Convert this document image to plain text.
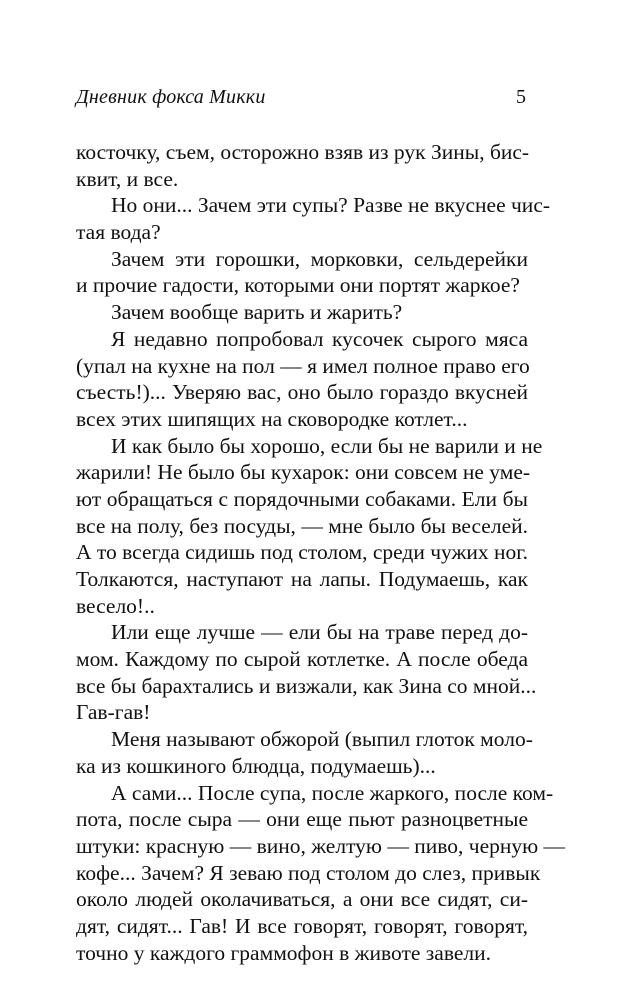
Дневник фокса Микки	5
косточку, съем, осторожно взяв из рук Зины, бис-
квит, и все.
Но они... Зачем эти супы? Разве не вкуснее чис-
тая вода?
Зачем эти горошки, морковки, сельдерейки
и прочие гадости, которыми они портят жаркое?
Зачем вообще варить и жарить?
Я недавно попробовал кусочек сырого мяса
(упал на кухне на пол — я имел полное право его
съесть!)... Уверяю вас, оно было гораздо вкусней
всех этих шипящих на сковородке котлет...
И как было бы хорошо, если бы не варили и не
жарили! Не было бы кухарок: они совсем не уме-
ют обращаться с порядочными собаками. Ели бы
все на полу, без посуды, — мне было бы веселей.
А то всегда сидишь под столом, среди чужих ног.
Толкаются, наступают на лапы. Подумаешь, как
весело!..
Или еще лучше — ели бы на траве перед до-
мом. Каждому по сырой котлетке. А после обеда
все бы барахтались и визжали, как Зина со мной...
Гав-гав!
Меня называют обжорой (выпил глоток моло-
ка из кошкиного блюдца, подумаешь)...
А сами... После супа, после жаркого, после ком-
пота, после сыра — они еще пьют разноцветные
штуки: красную — вино, желтую — пиво, черную —
кофе... Зачем? Я зеваю под столом до слез, привык
около людей околачиваться, а они все сидят, си-
дят, сидят... Гав! И все говорят, говорят, говорят,
точно у каждого граммофон в животе завели.
